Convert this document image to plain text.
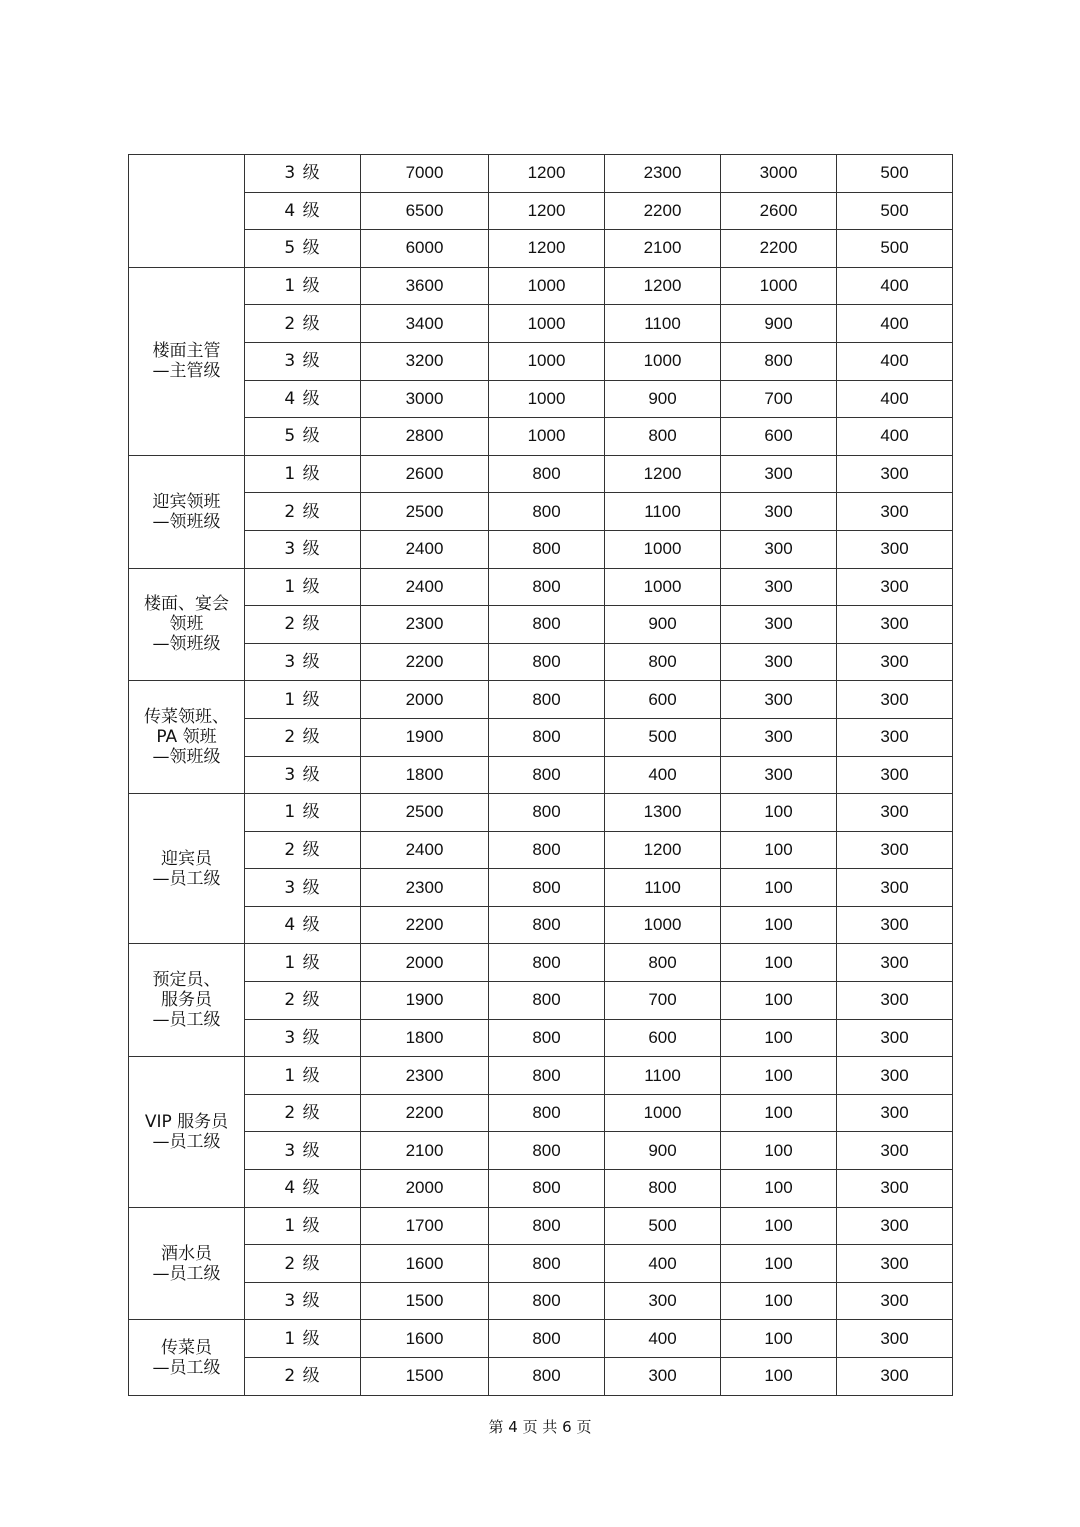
	3 级	7000	1200	2300	3000	500
	4 级	6500	1200	2200	2600	500
	5 级	6000	1200	2100	2200	500

楼面主管
—主管级	1 级	3600	1000	1200	1000	400
	2 级	3400	1000	1100	900	400
	3 级	3200	1000	1000	800	400
	4 级	3000	1000	900	700	400
	5 级	2800	1000	800	600	400

迎宾领班
—领班级	1 级	2600	800	1200	300	300
	2 级	2500	800	1100	300	300
	3 级	2400	800	1000	300	300

楼面、宴会
领班
—领班级	1 级	2400	800	1000	300	300
	2 级	2300	800	900	300	300
	3 级	2200	800	800	300	300

传菜领班、
PA 领班
—领班级	1 级	2000	800	600	300	300
	2 级	1900	800	500	300	300
	3 级	1800	800	400	300	300

迎宾员
—员工级	1 级	2500	800	1300	100	300
	2 级	2400	800	1200	100	300
	3 级	2300	800	1100	100	300
	4 级	2200	800	1000	100	300

预定员、
服务员
—员工级	1 级	2000	800	800	100	300
	2 级	1900	800	700	100	300
	3 级	1800	800	600	100	300

VIP 服务员
—员工级	1 级	2300	800	1100	100	300
	2 级	2200	800	1000	100	300
	3 级	2100	800	900	100	300
	4 级	2000	800	800	100	300

酒水员
—员工级	1 级	1700	800	500	100	300
	2 级	1600	800	400	100	300
	3 级	1500	800	300	100	300

传菜员
—员工级	1 级	1600	800	400	100	300
	2 级	1500	800	300	100	300
第 4 页 共 6 页
